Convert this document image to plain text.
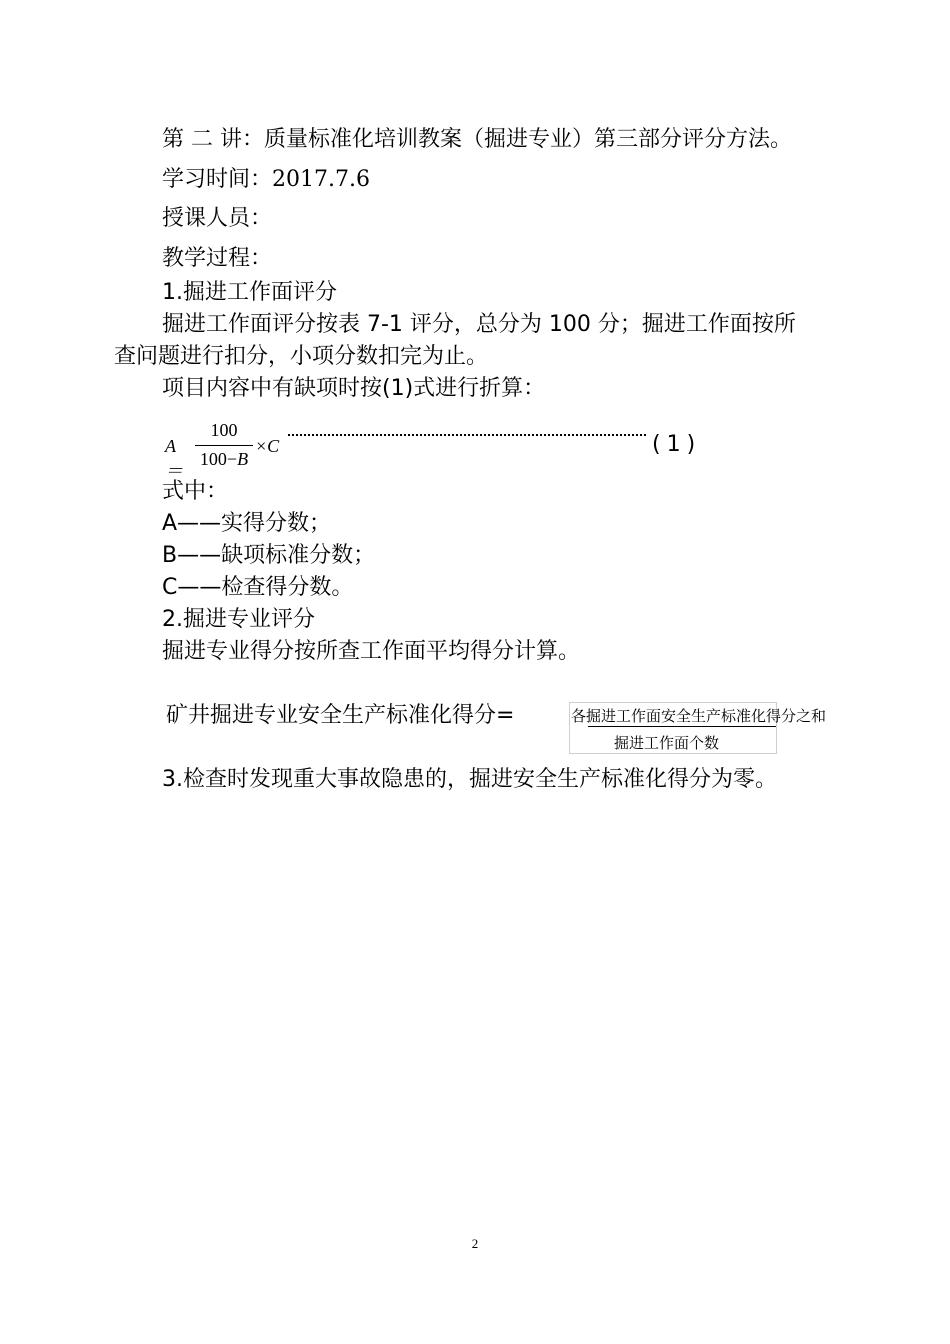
第 二 讲：质量标准化培训教案（掘进专业）第三部分评分方法。
学习时间：2017.7.6
授课人员：
教学过程：
1.掘进工作面评分
掘进工作面评分按表 7-1 评分，总分为 100 分；掘进工作面按所
查问题进行扣分，小项分数扣完为止。
项目内容中有缺项时按(1)式进行折算：
A＝
100
100−B
×C	(1)
式中：
A——实得分数；
B——缺项标准分数；
C——检查得分数。
2.掘进专业评分
掘进专业得分按所查工作面平均得分计算。
矿井掘进专业安全生产标准化得分=	各掘进工作面安全生产标准化得分之和
掘进工作面个数
3.检查时发现重大事故隐患的，掘进安全生产标准化得分为零。
2
